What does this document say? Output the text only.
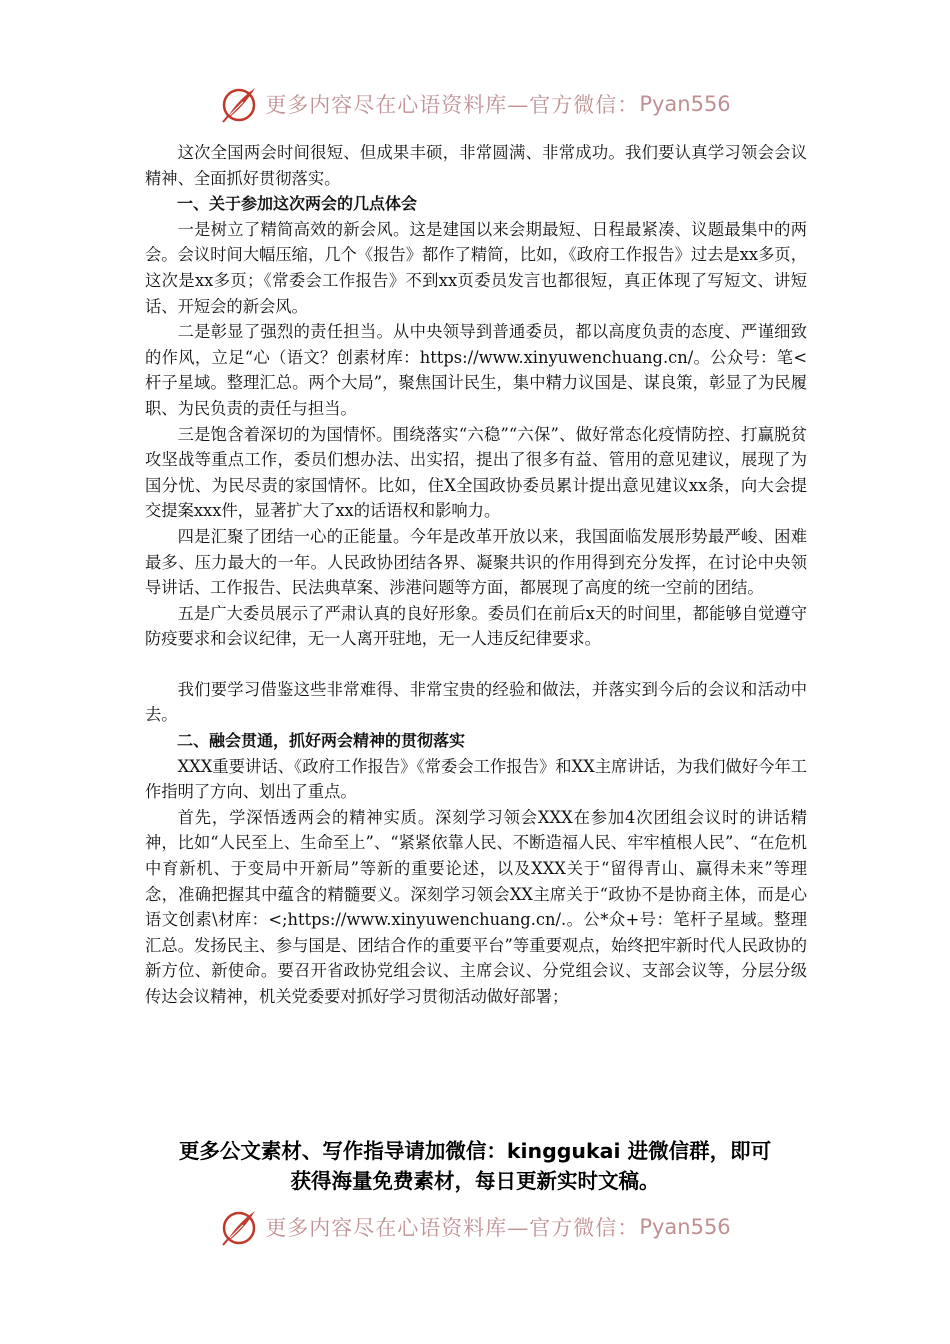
更多内容尽在心语资料库—官方微信： Pyan556

这次全国两会时间很短、但成果丰硕，非常圆满、非常成功。我们要认真学习领会会议精神、全面抓好贯彻落实。

一、关于参加这次两会的几点体会

一是树立了精简高效的新会风。这是建国以来会期最短、日程最紧凑、议题最集中的两会。会议时间大幅压缩，几个《报告》都作了精简，比如，《政府工作报告》过去是xx多页，这次是xx多页；《常委会工作报告》不到xx页委员发言也都很短，真正体现了写短文、讲短话、开短会的新会风。

二是彰显了强烈的责任担当。从中央领导到普通委员，都以高度负责的态度、严谨细致的作风，立足“心（语文？创素材库：https://www.xinyuwenchuang.cn/。公众号：笔<杆子星域。整理汇总。两个大局”，聚焦国计民生，集中精力议国是、谋良策，彰显了为民履职、为民负责的责任与担当。

三是饱含着深切的为国情怀。围绕落实“六稳”“六保”、做好常态化疫情防控、打赢脱贫攻坚战等重点工作，委员们想办法、出实招，提出了很多有益、管用的意见建议，展现了为国分忧、为民尽责的家国情怀。比如，住X全国政协委员累计提出意见建议xx条，向大会提交提案xxx件，显著扩大了xx的话语权和影响力。

四是汇聚了团结一心的正能量。今年是改革开放以来，我国面临发展形势最严峻、困难最多、压力最大的一年。人民政协团结各界、凝聚共识的作用得到充分发挥，在讨论中央领导讲话、工作报告、民法典草案、涉港问题等方面，都展现了高度的统一空前的团结。

五是广大委员展示了严肃认真的良好形象。委员们在前后x天的时间里，都能够自觉遵守防疫要求和会议纪律，无一人离开驻地，无一人违反纪律要求。

我们要学习借鉴这些非常难得、非常宝贵的经验和做法，并落实到今后的会议和活动中去。

二、融会贯通，抓好两会精神的贯彻落实

XXX重要讲话、《政府工作报告》《常委会工作报告》和XX主席讲话，为我们做好今年工作指明了方向、划出了重点。

首先，学深悟透两会的精神实质。深刻学习领会XXX在参加4次团组会议时的讲话精神，比如“人民至上、生命至上”、“紧紧依靠人民、不断造福人民、牢牢植根人民”、“在危机中育新机、于变局中开新局”等新的重要论述，以及XXX关于“留得青山、赢得未来”等理念，准确把握其中蕴含的精髓要义。深刻学习领会XX主席关于“政协不是协商主体，而是心语文创素\材库：<;https://www.xinyuwenchuang.cn/.。公*众+号：笔杆子星域。整理汇总。发扬民主、参与国是、团结合作的重要平台”等重要观点，始终把牢新时代人民政协的新方位、新使命。要召开省政协党组会议、主席会议、分党组会议、支部会议等，分层分级传达会议精神，机关党委要对抓好学习贯彻活动做好部署；

更多公文素材、写作指导请加微信：kinggukai 进微信群，即可
获得海量免费素材，每日更新实时文稿。
更多内容尽在心语资料库—官方微信： Pyan556
